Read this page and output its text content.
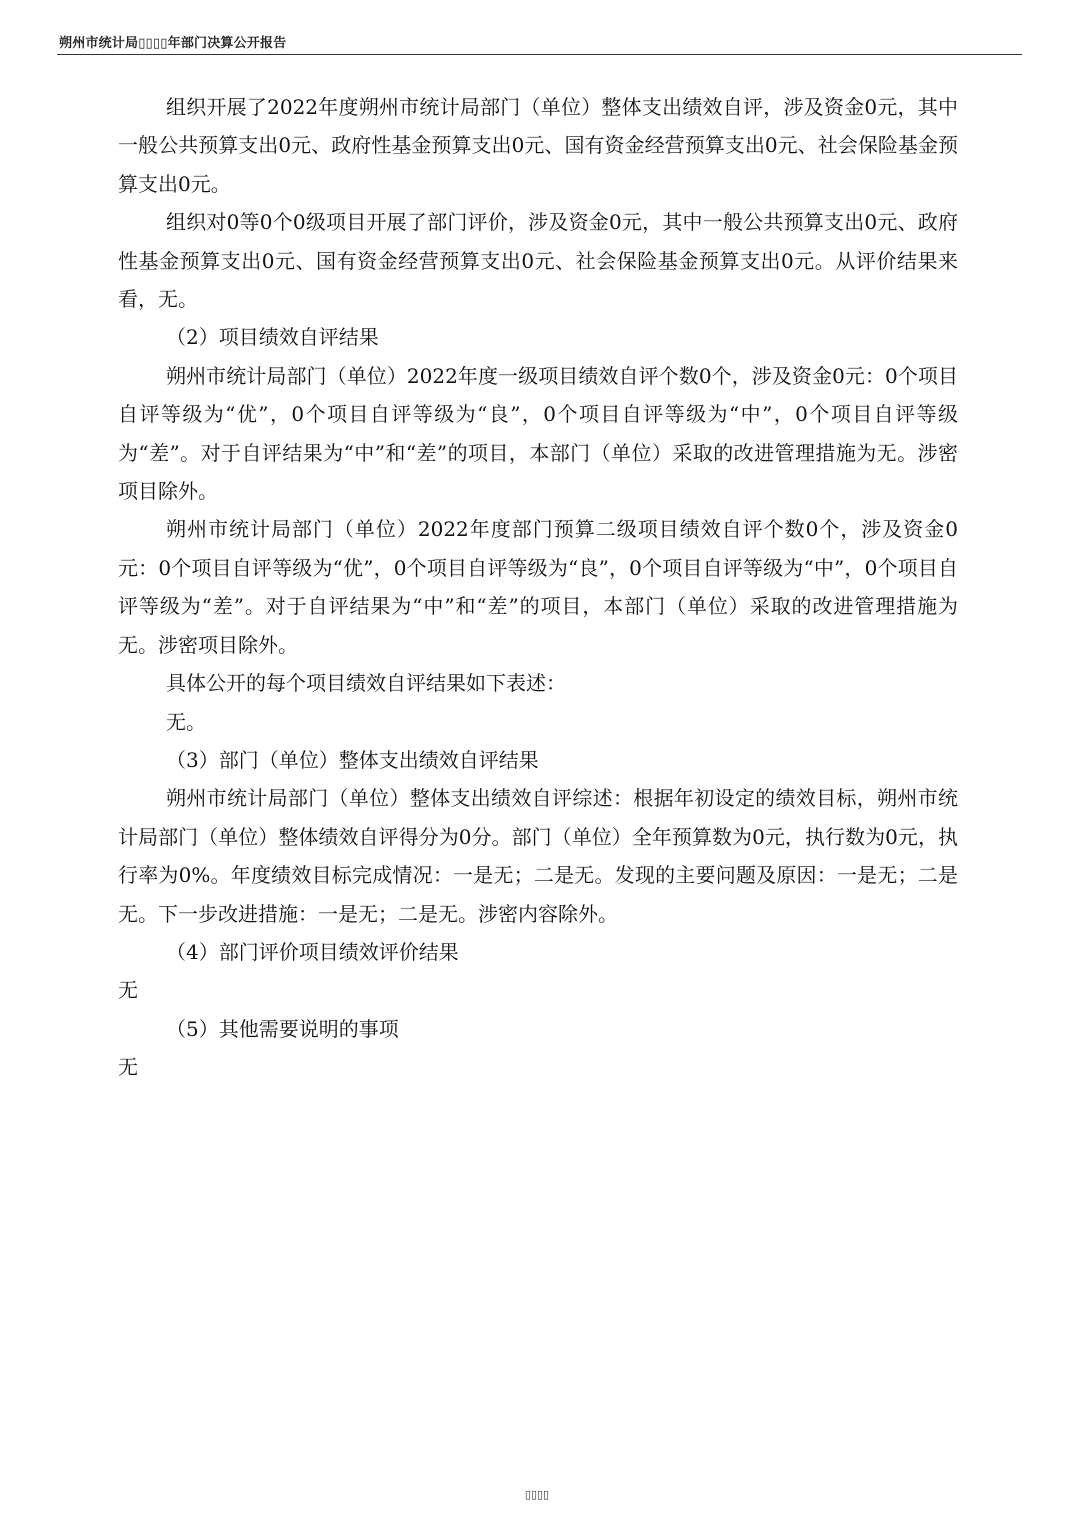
朔州市统计局▯▯▯▯年部门决算公开报告

组织开展了2022年度朔州市统计局部门（单位）整体支出绩效自评，涉及资金0元，其中一般公共预算支出0元、政府性基金预算支出0元、国有资金经营预算支出0元、社会保险基金预算支出0元。

组织对0等0个0级项目开展了部门评价，涉及资金0元，其中一般公共预算支出0元、政府性基金预算支出0元、国有资金经营预算支出0元、社会保险基金预算支出0元。从评价结果来看，无。

（2）项目绩效自评结果

朔州市统计局部门（单位）2022年度一级项目绩效自评个数0个，涉及资金0元：0个项目自评等级为“优”，0个项目自评等级为“良”，0个项目自评等级为“中”，0个项目自评等级为“差”。对于自评结果为“中”和“差”的项目，本部门（单位）采取的改进管理措施为无。涉密项目除外。

朔州市统计局部门（单位）2022年度部门预算二级项目绩效自评个数0个，涉及资金0元：0个项目自评等级为“优”，0个项目自评等级为“良”，0个项目自评等级为“中”，0个项目自评等级为“差”。对于自评结果为“中”和“差”的项目，本部门（单位）采取的改进管理措施为无。涉密项目除外。

具体公开的每个项目绩效自评结果如下表述：

无。

（3）部门（单位）整体支出绩效自评结果

朔州市统计局部门（单位）整体支出绩效自评综述：根据年初设定的绩效目标，朔州市统计局部门（单位）整体绩效自评得分为0分。部门（单位）全年预算数为0元，执行数为0元，执行率为0%。年度绩效目标完成情况：一是无；二是无。发现的主要问题及原因：一是无；二是无。下一步改进措施：一是无；二是无。涉密内容除外。

（4）部门评价项目绩效评价结果

无

（5）其他需要说明的事项

无

▯▯▯▯
